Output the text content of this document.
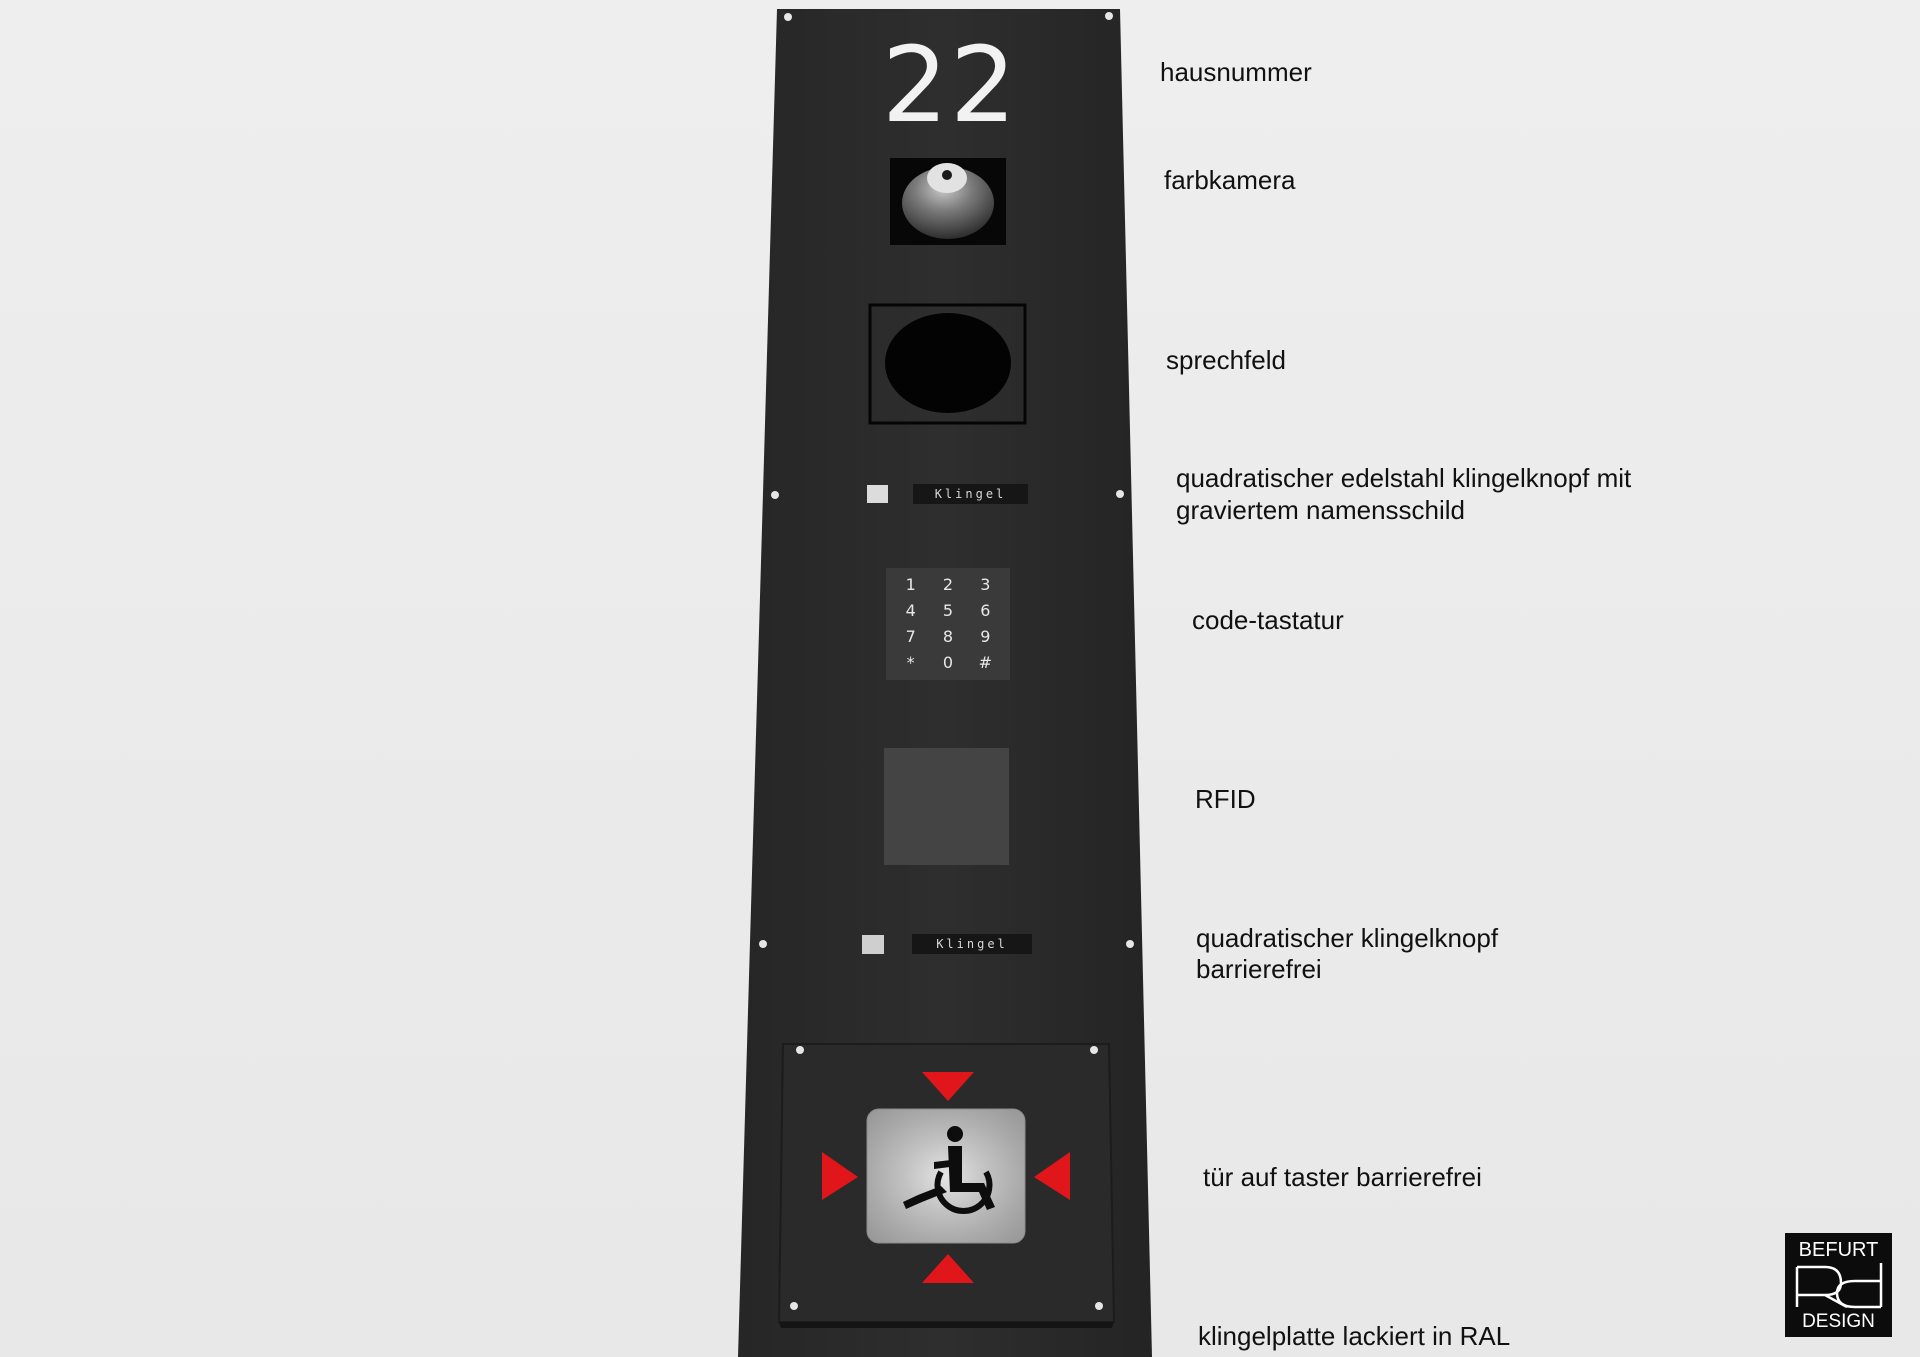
22
Klingel
1	2	3
4	5	6
7	8	9
*	0	#
Klingel
hausnummer
farbkamera
sprechfeld
quadratischer edelstahl klingelknopf mit
graviertem namensschild
code-tastatur
RFID
quadratischer klingelknopf
barrierefrei
tür auf taster barrierefrei
klingelplatte lackiert in RAL
BEFURT
DESIGN
